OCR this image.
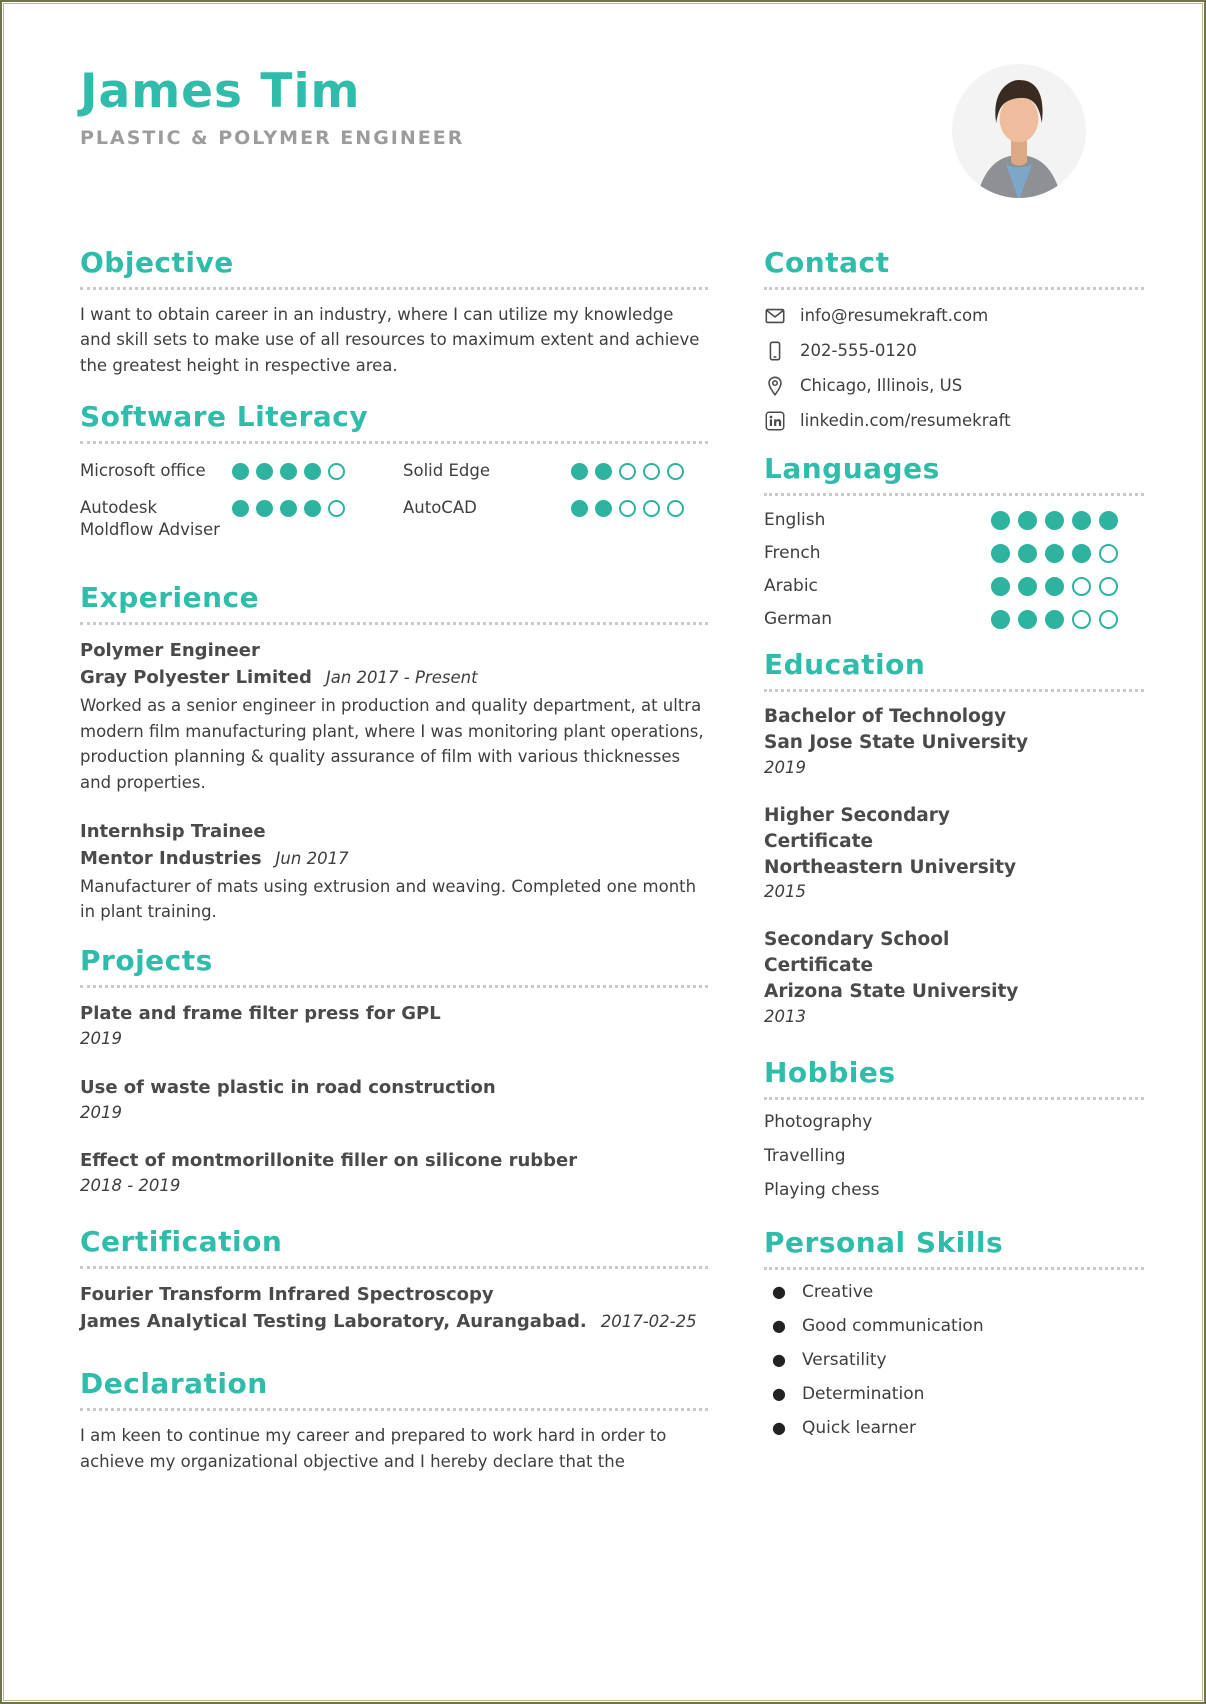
James Tim
PLASTIC & POLYMER ENGINEER
Objective

I want to obtain career in an industry, where I can utilize my knowledge and skill sets to make use of all resources to maximum extent and achieve the greatest height in respective area.

Software Literacy
Microsoft office	Solid Edge
Autodesk Moldflow Adviser
AutoCAD
Experience
Polymer Engineer
Gray Polyester Limited Jan 2017 - Present

Worked as a senior engineer in production and quality department, at ultra modern film manufacturing plant, where I was monitoring plant operations, production planning & quality assurance of film with various thicknesses and properties.

Internhsip Trainee
Mentor Industries Jun 2017

Manufacturer of mats using extrusion and weaving. Completed one month in plant training.

Projects
Plate and frame filter press for GPL
2019
Use of waste plastic in road construction
2019
Effect of montmorillonite filler on silicone rubber
2018 - 2019
Certification
Fourier Transform Infrared Spectroscopy
James Analytical Testing Laboratory, Aurangabad. 2017-02-25
Declaration

I am keen to continue my career and prepared to work hard in order to achieve my organizational objective and I hereby declare that the

Contact
info@resumekraft.com
202-555-0120
Chicago, Illinois, US
linkedin.com/resumekraft
Languages
English
French
Arabic
German
Education
Bachelor of Technology
San Jose State University
2019
Higher Secondary Certificate
Northeastern University
2015
Secondary School Certificate
Arizona State University
2013
Hobbies
Photography
Travelling
Playing chess
Personal Skills
● Creative
● Good communication
● Versatility
● Determination
● Quick learner
